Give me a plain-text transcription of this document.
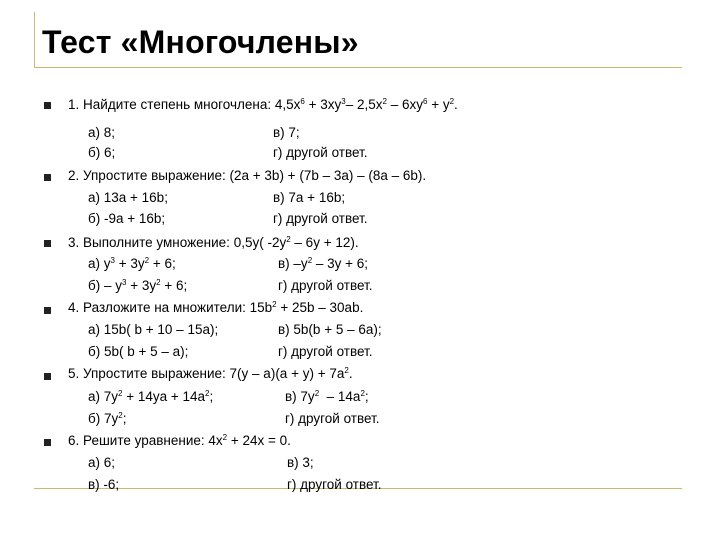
Тест «Многочлены»
1. Найдите степень многочлена: $4,5x^6 + 3xy^3-$ $2,5x^2 - 6xy^6 + y^2$.
а) 8;	в) 7;
б) 6;	г) другой ответ.
2. Упростите выражение: (2a + 3b) + (7b – 3a) – (8a – 6b).
а) 13а + 16b;	в) 7а + 16b;
б) -9а + 16b;	г) другой ответ.
3. Выполните умножение: 0,5y( $-2y^2 - 6y + 12$).
а) $y^3 + 3y^2 + 6$;	в) $-y^2 - 3y + 6$;
$б) - y^3 + 3y^2 + 6$;	г) другой ответ.
4. Разложите на множители: $15b^2 + 25b - 30ab$.
а) 15b( b + 10 – 15a);	в) 5b(b + 5 – 6a);
б) 5b( b + 5 – a);	г) другой ответ.
5. Упростите выражение: $7(y - a)(a + y) + 7a^2$.
а) $7y^2 + 14ya + 14a^2$;	в) $7y^2 - 14a^2$;
б) $7y^2$;	г) другой ответ.
6. Решите уравнение: $4x^2 + 24x = 0$.
а) 6;	в) 3;
в) -6;	г) другой ответ.
